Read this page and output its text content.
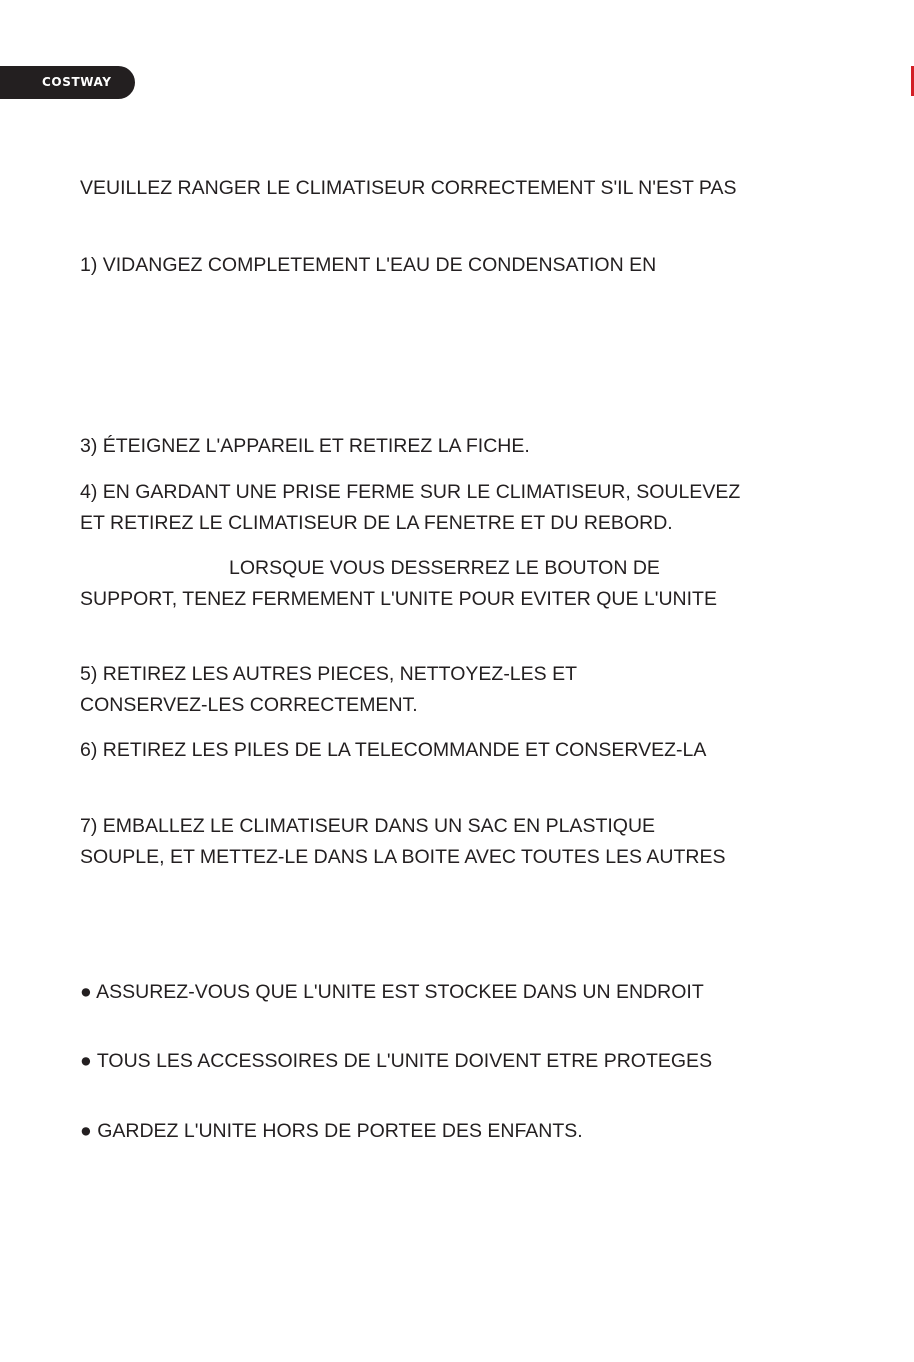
COSTWAY

VEUILLEZ RANGER LE CLIMATISEUR CORRECTEMENT S'IL N'EST PAS

1) VIDANGEZ COMPLETEMENT L'EAU DE CONDENSATION EN

3) ÉTEIGNEZ L'APPAREIL ET RETIREZ LA FICHE.

4) EN GARDANT UNE PRISE FERME SUR LE CLIMATISEUR, SOULEVEZ

ET RETIREZ LE CLIMATISEUR DE LA FENETRE ET DU REBORD.

LORSQUE VOUS DESSERREZ LE BOUTON DE

SUPPORT, TENEZ FERMEMENT L'UNITE POUR EVITER QUE L'UNITE

5) RETIREZ LES AUTRES PIECES, NETTOYEZ-LES ET

CONSERVEZ-LES CORRECTEMENT.

6) RETIREZ LES PILES DE LA TELECOMMANDE ET CONSERVEZ-LA

7) EMBALLEZ LE CLIMATISEUR DANS UN SAC EN PLASTIQUE

SOUPLE, ET METTEZ-LE DANS LA BOITE AVEC TOUTES LES AUTRES

● ASSUREZ-VOUS QUE L'UNITE EST STOCKEE DANS UN ENDROIT

● TOUS LES ACCESSOIRES DE L'UNITE DOIVENT ETRE PROTEGES

● GARDEZ L'UNITE HORS DE PORTEE DES ENFANTS.
